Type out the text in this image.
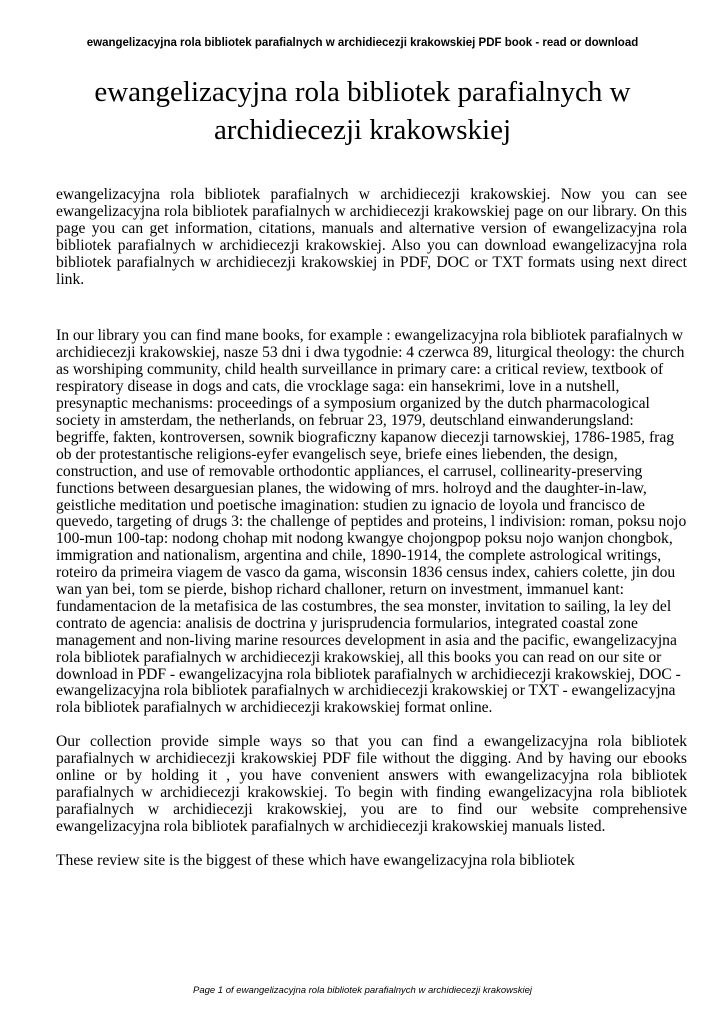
ewangelizacyjna rola bibliotek parafialnych w archidiecezji krakowskiej PDF book - read or download
ewangelizacyjna rola bibliotek parafialnych w archidiecezji krakowskiej

ewangelizacyjna rola bibliotek parafialnych w archidiecezji krakowskiej. Now you can see ewangelizacyjna rola bibliotek parafialnych w archidiecezji krakowskiej page on our library. On this page you can get information, citations, manuals and alternative version of ewangelizacyjna rola bibliotek parafialnych w archidiecezji krakowskiej. Also you can download ewangelizacyjna rola bibliotek parafialnych w archidiecezji krakowskiej in PDF, DOC or TXT formats using next direct link.

In our library you can find mane books, for example : ewangelizacyjna rola bibliotek parafialnych w archidiecezji krakowskiej, nasze 53 dni i dwa tygodnie: 4 czerwca 89, liturgical theology: the church as worshiping community, child health surveillance in primary care: a critical review, textbook of respiratory disease in dogs and cats, die vrocklage saga: ein hansekrimi, love in a nutshell, presynaptic mechanisms: proceedings of a symposium organized by the dutch pharmacological society in amsterdam, the netherlands, on februar 23, 1979, deutschland einwanderungsland: begriffe, fakten, kontroversen, sownik biograficzny kapanow diecezji tarnowskiej, 1786-1985, frag ob der protestantische religions-eyfer evangelisch seye, briefe eines liebenden, the design, construction, and use of removable orthodontic appliances, el carrusel, collinearity-preserving functions between desarguesian planes, the widowing of mrs. holroyd and the daughter-in-law, geistliche meditation und poetische imagination: studien zu ignacio de loyola und francisco de quevedo, targeting of drugs 3: the challenge of peptides and proteins, l indivision: roman, poksu nojo 100-mun 100-tap: nodong chohap mit nodong kwangye chojongpop poksu nojo wanjon chongbok, immigration and nationalism, argentina and chile, 1890-1914, the complete astrological writings, roteiro da primeira viagem de vasco da gama, wisconsin 1836 census index, cahiers colette, jin dou wan yan bei, tom se pierde, bishop richard challoner, return on investment, immanuel kant: fundamentacion de la metafisica de las costumbres, the sea monster, invitation to sailing, la ley del contrato de agencia: analisis de doctrina y jurisprudencia formularios, integrated coastal zone management and non-living marine resources development in asia and the pacific, ewangelizacyjna rola bibliotek parafialnych w archidiecezji krakowskiej, all this books you can read on our site or download in PDF - ewangelizacyjna rola bibliotek parafialnych w archidiecezji krakowskiej, DOC - ewangelizacyjna rola bibliotek parafialnych w archidiecezji krakowskiej or TXT - ewangelizacyjna rola bibliotek parafialnych w archidiecezji krakowskiej format online.

Our collection provide simple ways so that you can find a ewangelizacyjna rola bibliotek parafialnych w archidiecezji krakowskiej PDF file without the digging. And by having our ebooks online or by holding it , you have convenient answers with ewangelizacyjna rola bibliotek parafialnych w archidiecezji krakowskiej. To begin with finding ewangelizacyjna rola bibliotek parafialnych w archidiecezji krakowskiej, you are to find our website comprehensive ewangelizacyjna rola bibliotek parafialnych w archidiecezji krakowskiej manuals listed.

These review site is the biggest of these which have ewangelizacyjna rola bibliotek

Page 1 of ewangelizacyjna rola bibliotek parafialnych w archidiecezji krakowskiej
